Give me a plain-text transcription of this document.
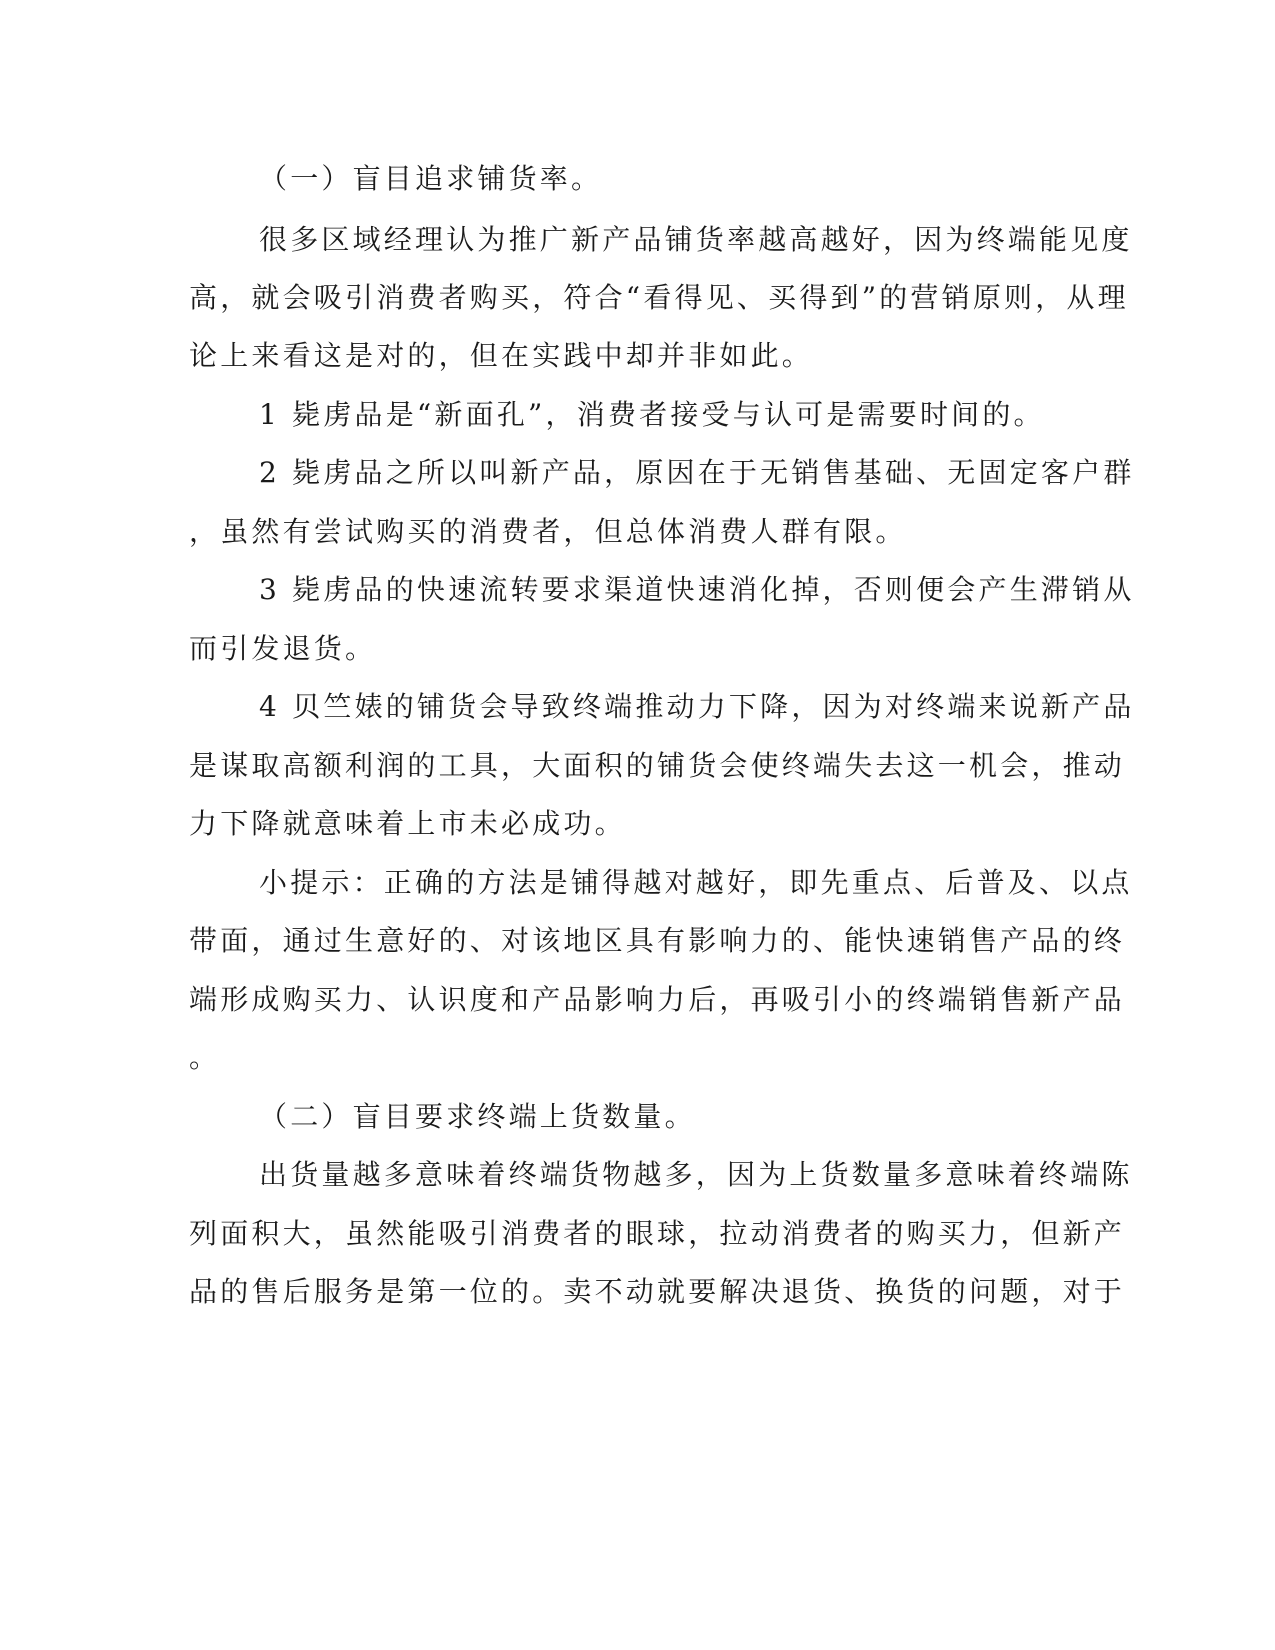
（一）盲目追求铺货率。
很多区域经理认为推广新产品铺货率越高越好，因为终端能见度
高，就会吸引消费者购买，符合“看得见、买得到”的营销原则，从理
论上来看这是对的，但在实践中却并非如此。
1 毙虏品是“新面孔”，消费者接受与认可是需要时间的。
2 毙虏品之所以叫新产品，原因在于无销售基础、无固定客户群
，虽然有尝试购买的消费者，但总体消费人群有限。
3 毙虏品的快速流转要求渠道快速消化掉，否则便会产生滞销从
而引发退货。
4 贝竺婊的铺货会导致终端推动力下降，因为对终端来说新产品
是谋取高额利润的工具，大面积的铺货会使终端失去这一机会，推动
力下降就意味着上市未必成功。
小提示：正确的方法是铺得越对越好，即先重点、后普及、以点
带面，通过生意好的、对该地区具有影响力的、能快速销售产品的终
端形成购买力、认识度和产品影响力后，再吸引小的终端销售新产品
。
（二）盲目要求终端上货数量。
出货量越多意味着终端货物越多，因为上货数量多意味着终端陈
列面积大，虽然能吸引消费者的眼球，拉动消费者的购买力，但新产
品的售后服务是第一位的。卖不动就要解决退货、换货的问题，对于
